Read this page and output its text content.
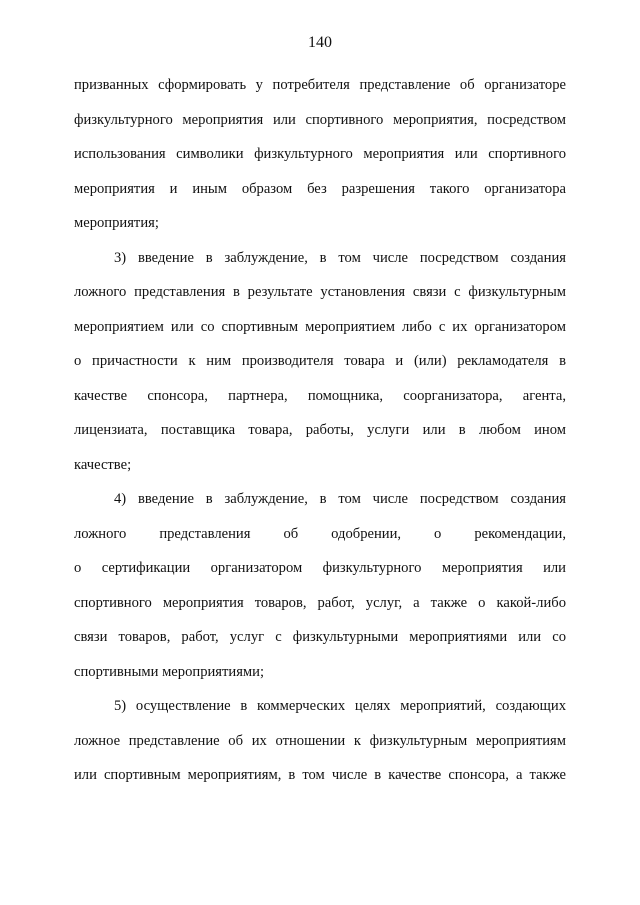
140
призванных сформировать у потребителя представление об организаторе
физкультурного мероприятия или спортивного мероприятия, посредством
использования символики физкультурного мероприятия или спортивного
мероприятия и иным образом без разрешения такого организатора
мероприятия;
3) введение в заблуждение, в том числе посредством создания
ложного представления в результате установления связи с физкультурным
мероприятием или со спортивным мероприятием либо с их организатором
о причастности к ним производителя товара и (или) рекламодателя в
качестве спонсора, партнера, помощника, соорганизатора, агента,
лицензиата, поставщика товара, работы, услуги или в любом ином
качестве;
4) введение в заблуждение, в том числе посредством создания
ложного представления об одобрении, о рекомендации,
о сертификации организатором физкультурного мероприятия или
спортивного мероприятия товаров, работ, услуг, а также о какой-либо
связи товаров, работ, услуг с физкультурными мероприятиями или со
спортивными мероприятиями;
5) осуществление в коммерческих целях мероприятий, создающих
ложное представление об их отношении к физкультурным мероприятиям
или спортивным мероприятиям, в том числе в качестве спонсора, а также
